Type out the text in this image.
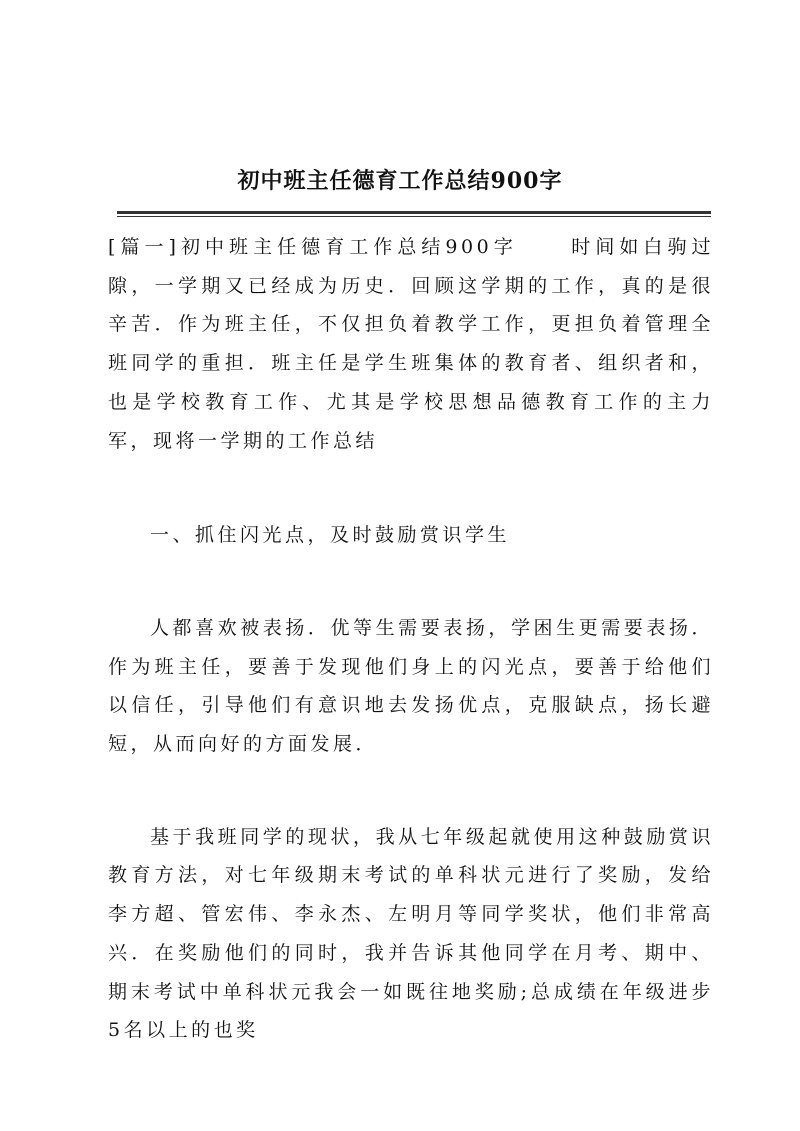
初中班主任德育工作总结900字

[篇一]初中班主任德育工作总结900字	时间如白驹过隙，一学期又已经成为历史．回顾这学期的工作，真的是很辛苦．作为班主任，不仅担负着教学工作，更担负着管理全班同学的重担．班主任是学生班集体的教育者、组织者和，也是学校教育工作、尤其是学校思想品德教育工作的主力军，现将一学期的工作总结

一、抓住闪光点，及时鼓励赏识学生

人都喜欢被表扬．优等生需要表扬，学困生更需要表扬．作为班主任，要善于发现他们身上的闪光点，要善于给他们以信任，引导他们有意识地去发扬优点，克服缺点，扬长避短，从而向好的方面发展．

基于我班同学的现状，我从七年级起就使用这种鼓励赏识教育方法，对七年级期末考试的单科状元进行了奖励，发给李方超、管宏伟、李永杰、左明月等同学奖状，他们非常高兴．在奖励他们的同时，我并告诉其他同学在月考、期中、期末考试中单科状元我会一如既往地奖励;总成绩在年级进步5名以上的也奖
